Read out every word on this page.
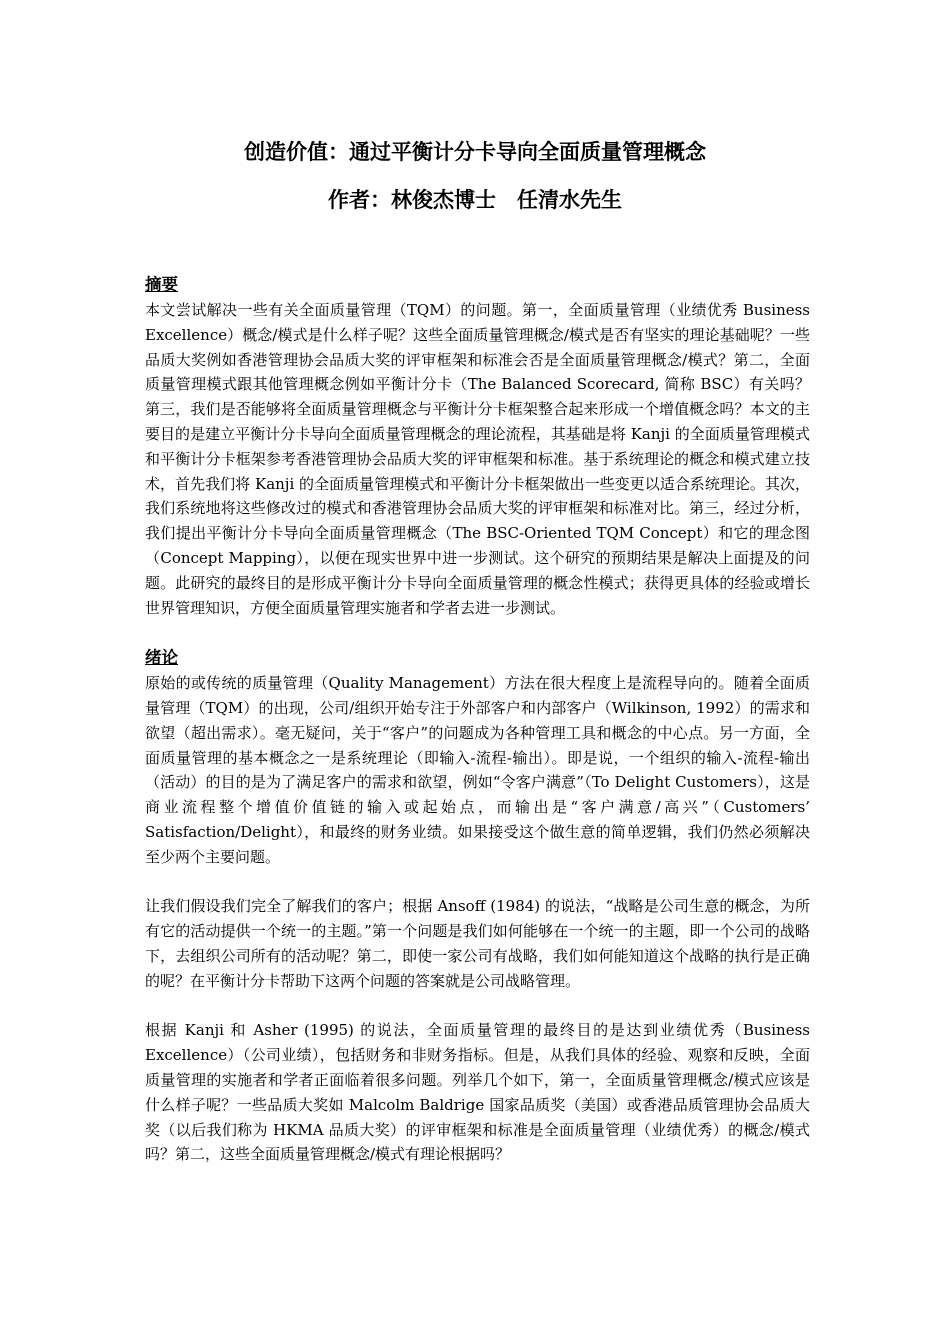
创造价值：通过平衡计分卡导向全面质量管理概念
作者：林俊杰博士　任清水先生
摘要

本文尝试解决一些有关全面质量管理（TQM）的问题。第一，全面质量管理（业绩优秀 Business Excellence）概念/模式是什么样子呢？这些全面质量管理概念/模式是否有坚实的理论基础呢？一些品质大奖例如香港管理协会品质大奖的评审框架和标准会否是全面质量管理概念/模式？第二，全面质量管理模式跟其他管理概念例如平衡计分卡（The Balanced Scorecard, 简称 BSC）有关吗？第三，我们是否能够将全面质量管理概念与平衡计分卡框架整合起来形成一个增值概念吗？本文的主要目的是建立平衡计分卡导向全面质量管理概念的理论流程，其基础是将 Kanji 的全面质量管理模式和平衡计分卡框架参考香港管理协会品质大奖的评审框架和标准。基于系统理论的概念和模式建立技术，首先我们将 Kanji 的全面质量管理模式和平衡计分卡框架做出一些变更以适合系统理论。其次，我们系统地将这些修改过的模式和香港管理协会品质大奖的评审框架和标准对比。第三，经过分析，我们提出平衡计分卡导向全面质量管理概念（The BSC-Oriented TQM Concept）和它的理念图（Concept Mapping），以便在现实世界中进一步测试。这个研究的预期结果是解决上面提及的问题。此研究的最终目的是形成平衡计分卡导向全面质量管理的概念性模式；获得更具体的经验或增长世界管理知识，方便全面质量管理实施者和学者去进一步测试。

绪论

原始的或传统的质量管理（Quality Management）方法在很大程度上是流程导向的。随着全面质量管理（TQM）的出现，公司/组织开始专注于外部客户和内部客户（Wilkinson, 1992）的需求和欲望（超出需求）。毫无疑问，关于“客户”的问题成为各种管理工具和概念的中心点。另一方面，全面质量管理的基本概念之一是系统理论（即输入-流程-输出）。即是说，一个组织的输入-流程-输出（活动）的目的是为了满足客户的需求和欲望，例如“令客户满意”（To Delight Customers），这是商业流程整个增值价值链的输入或起始点，而输出是“客户满意/高兴”（Customers’ Satisfaction/Delight），和最终的财务业绩。如果接受这个做生意的简单逻辑，我们仍然必须解决至少两个主要问题。

让我们假设我们完全了解我们的客户；根据 Ansoff (1984) 的说法，“战略是公司生意的概念，为所有它的活动提供一个统一的主题。”第一个问题是我们如何能够在一个统一的主题，即一个公司的战略下，去组织公司所有的活动呢？第二，即使一家公司有战略，我们如何能知道这个战略的执行是正确的呢？在平衡计分卡帮助下这两个问题的答案就是公司战略管理。

根据 Kanji 和 Asher (1995) 的说法，全面质量管理的最终目的是达到业绩优秀（Business Excellence）（公司业绩），包括财务和非财务指标。但是，从我们具体的经验、观察和反映，全面质量管理的实施者和学者正面临着很多问题。列举几个如下，第一，全面质量管理概念/模式应该是什么样子呢？一些品质大奖如 Malcolm Baldrige 国家品质奖（美国）或香港品质管理协会品质大奖（以后我们称为 HKMA 品质大奖）的评审框架和标准是全面质量管理（业绩优秀）的概念/模式吗？第二，这些全面质量管理概念/模式有理论根据吗？
